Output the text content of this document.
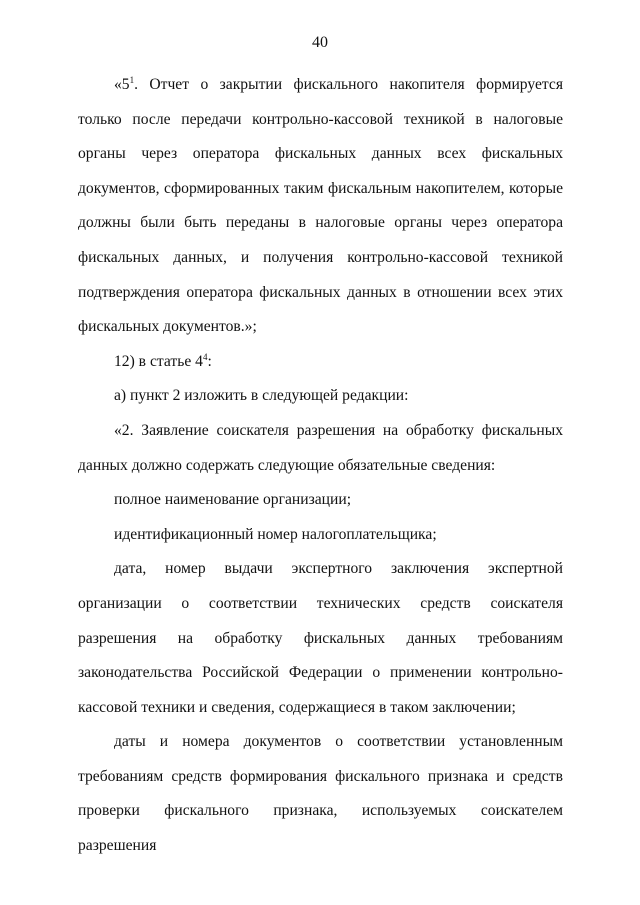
40

«$5^1$. Отчет о закрытии фискального накопителя формируется только после передачи контрольно-кассовой техникой в налоговые органы через оператора фискальных данных всех фискальных документов, сформированных таким фискальным накопителем, которые должны были быть переданы в налоговые органы через оператора фискальных данных, и получения контрольно-кассовой техникой подтверждения оператора фискальных данных в отношении всех этих фискальных документов.»;

12) в статье $4^4$:

а) пункт 2 изложить в следующей редакции:

«2. Заявление соискателя разрешения на обработку фискальных данных должно содержать следующие обязательные сведения:

полное наименование организации;

идентификационный номер налогоплательщика;

дата, номер выдачи экспертного заключения экспертной организации о соответствии технических средств соискателя разрешения на обработку фискальных данных требованиям законодательства Российской Федерации о применении контрольно-кассовой техники и сведения, содержащиеся в таком заключении;

даты и номера документов о соответствии установленным требованиям средств формирования фискального признака и средств проверки фискального признака, используемых соискателем разрешения
